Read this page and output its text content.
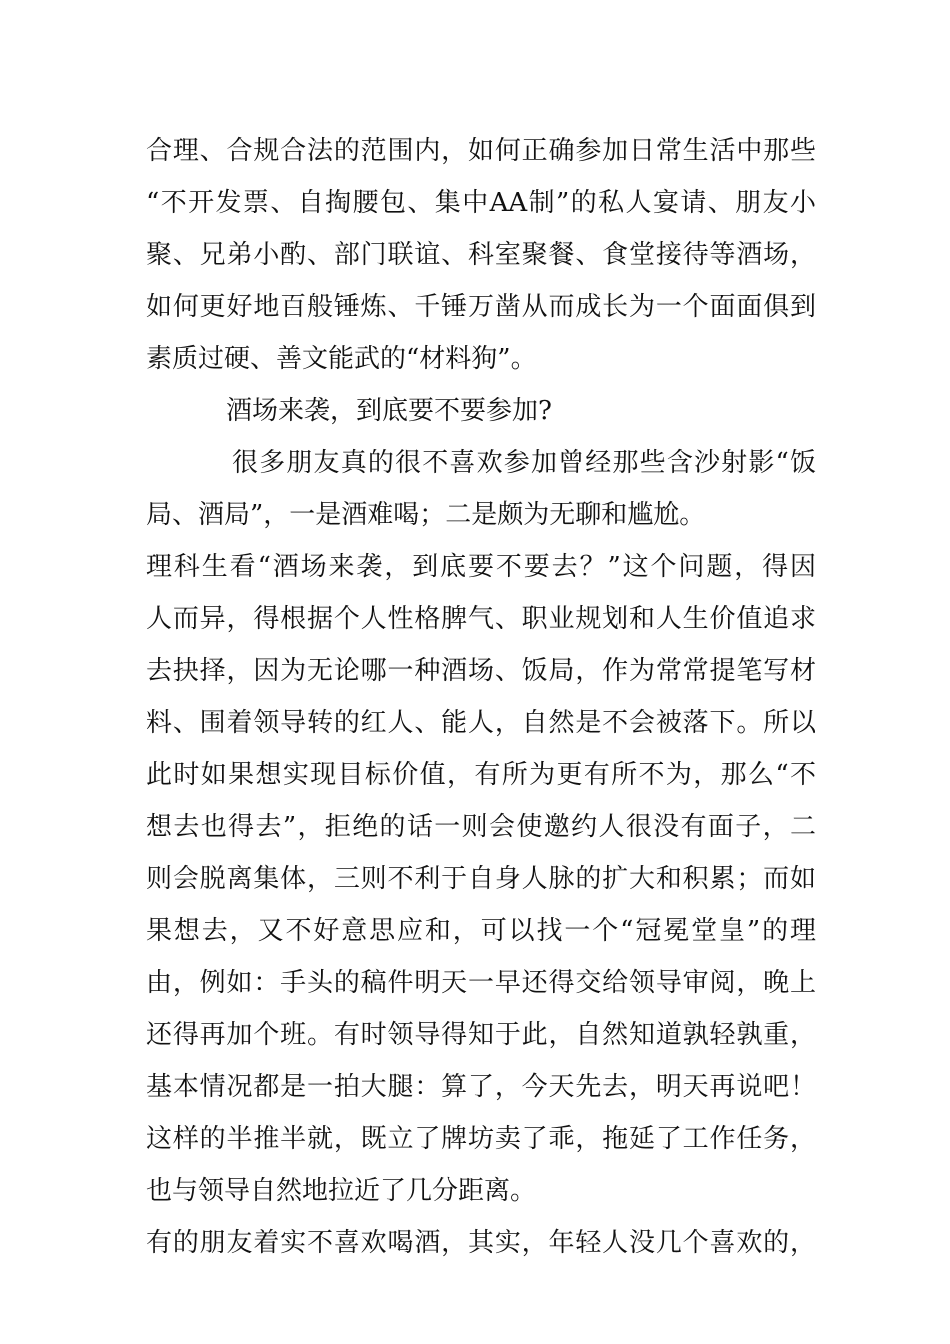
合理、合规合法的范围内，如何正确参加日常生活中那些
“不开发票、自掏腰包、集中AA制”的私人宴请、朋友小
聚、兄弟小酌、部门联谊、科室聚餐、食堂接待等酒场，
如何更好地百般锤炼、千锤万凿从而成长为一个面面俱到
素质过硬、善文能武的“材料狗”。
酒场来袭，到底要不要参加?
很多朋友真的很不喜欢参加曾经那些含沙射影“饭
局、酒局”，一是酒难喝；二是颇为无聊和尴尬。
理科生看“酒场来袭，到底要不要去？”这个问题，得因
人而异，得根据个人性格脾气、职业规划和人生价值追求
去抉择，因为无论哪一种酒场、饭局，作为常常提笔写材
料、围着领导转的红人、能人，自然是不会被落下。所以
此时如果想实现目标价值，有所为更有所不为，那么“不
想去也得去”，拒绝的话一则会使邀约人很没有面子，二
则会脱离集体，三则不利于自身人脉的扩大和积累；而如
果想去，又不好意思应和，可以找一个“冠冕堂皇”的理
由，例如：手头的稿件明天一早还得交给领导审阅，晚上
还得再加个班。有时领导得知于此，自然知道孰轻孰重，
基本情况都是一拍大腿：算了，今天先去，明天再说吧！
这样的半推半就，既立了牌坊卖了乖，拖延了工作任务，
也与领导自然地拉近了几分距离。
有的朋友着实不喜欢喝酒，其实，年轻人没几个喜欢的，
